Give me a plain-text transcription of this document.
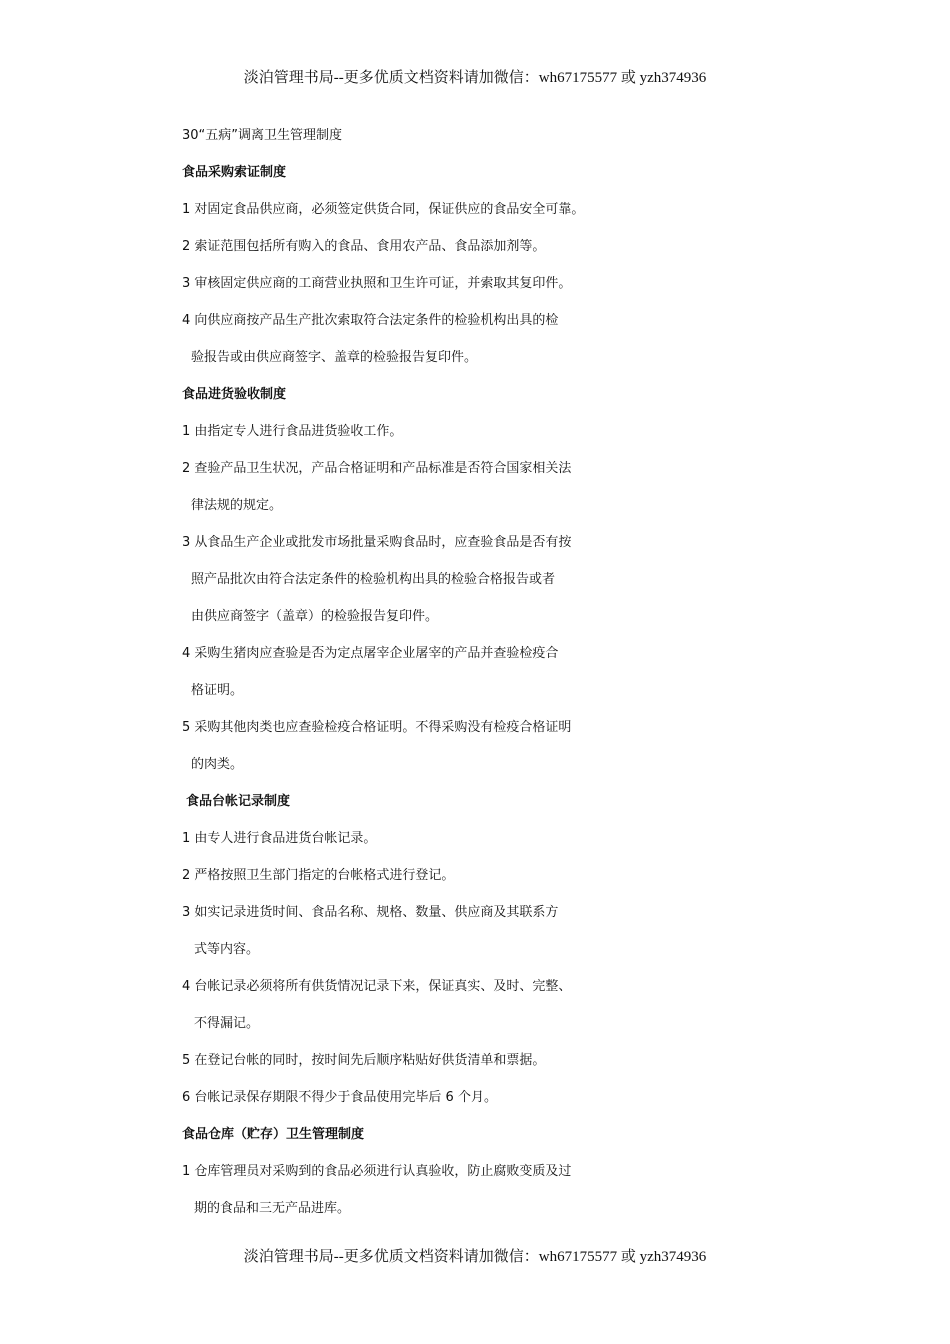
淡泊管理书局--更多优质文档资料请加微信：wh67175577 或 yzh374936
30“五病”调离卫生管理制度
食品采购索证制度
1 对固定食品供应商，必须签定供货合同，保证供应的食品安全可靠。
2 索证范围包括所有购入的食品、食用农产品、食品添加剂等。
3 审核固定供应商的工商营业执照和卫生许可证，并索取其复印件。
4 向供应商按产品生产批次索取符合法定条件的检验机构出具的检
验报告或由供应商签字、盖章的检验报告复印件。
食品进货验收制度
1 由指定专人进行食品进货验收工作。
2 查验产品卫生状况，产品合格证明和产品标准是否符合国家相关法
律法规的规定。
3 从食品生产企业或批发市场批量采购食品时，应查验食品是否有按
照产品批次由符合法定条件的检验机构出具的检验合格报告或者
由供应商签字（盖章）的检验报告复印件。
4 采购生猪肉应查验是否为定点屠宰企业屠宰的产品并查验检疫合
格证明。
5 采购其他肉类也应查验检疫合格证明。不得采购没有检疫合格证明
的肉类。
食品台帐记录制度
1 由专人进行食品进货台帐记录。
2 严格按照卫生部门指定的台帐格式进行登记。
3 如实记录进货时间、食品名称、规格、数量、供应商及其联系方
式等内容。
4 台帐记录必须将所有供货情况记录下来，保证真实、及时、完整、
不得漏记。
5 在登记台帐的同时，按时间先后顺序粘贴好供货清单和票据。
6 台帐记录保存期限不得少于食品使用完毕后 6 个月。
食品仓库（贮存）卫生管理制度
1 仓库管理员对采购到的食品必须进行认真验收，防止腐败变质及过
期的食品和三无产品进库。
淡泊管理书局--更多优质文档资料请加微信：wh67175577 或 yzh374936
